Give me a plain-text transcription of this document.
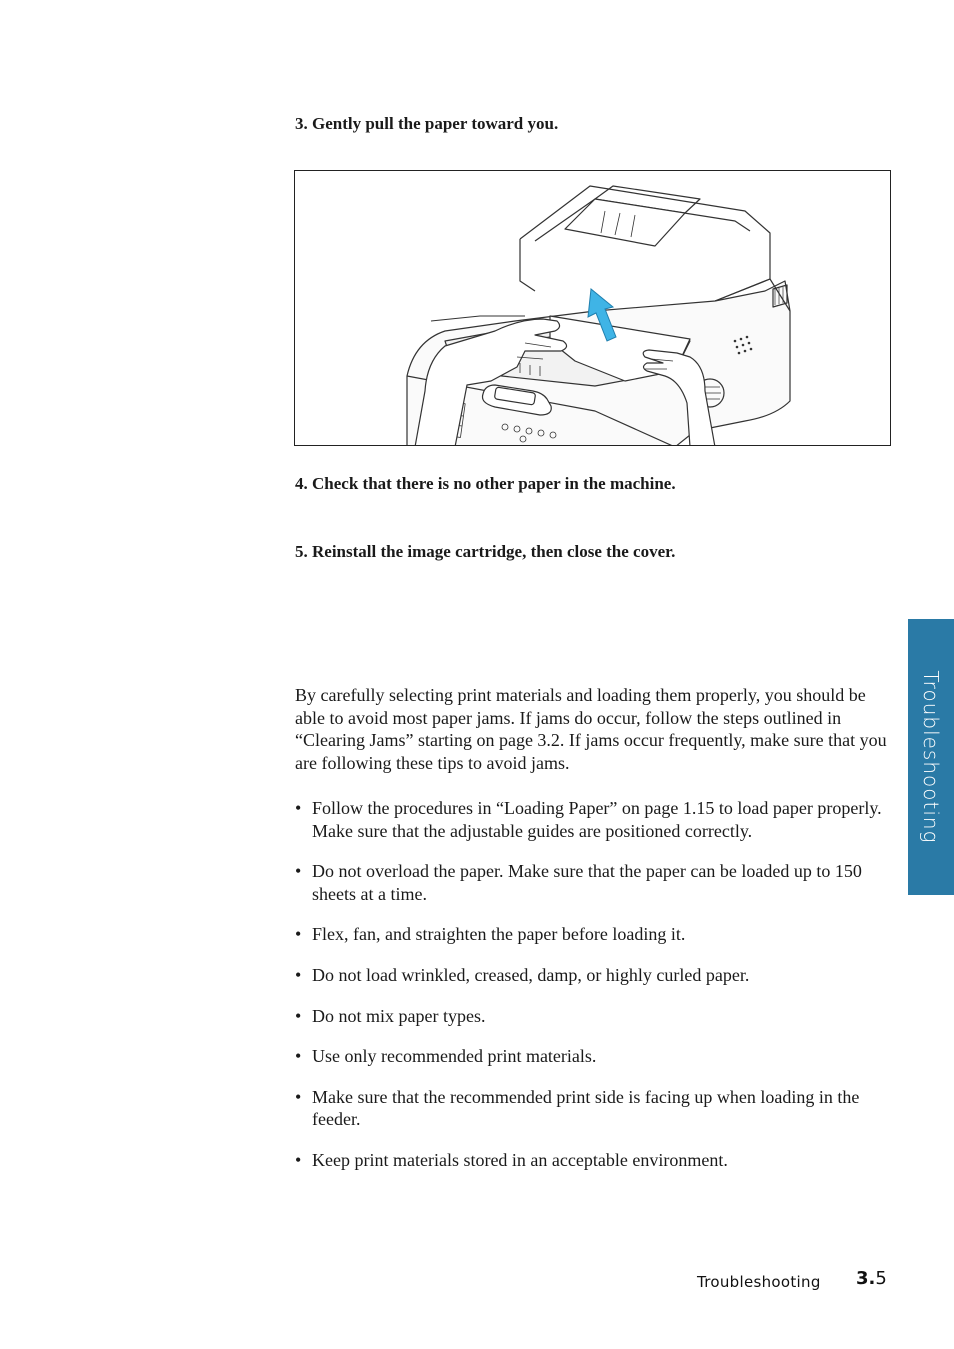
3. Gently pull the paper toward you.

4. Check that there is no other paper in the machine.

5. Reinstall the image cartridge, then close the cover.

By carefully selecting print materials and loading them properly, you should be able to avoid most paper jams. If jams do occur, follow the steps outlined in “Clearing Jams” starting on page 3.2. If jams occur frequently, make sure that you are following these tips to avoid jams.

• Follow the procedures in “Loading Paper” on page 1.15 to load paper properly. Make sure that the adjustable guides are positioned correctly.
• Do not overload the paper. Make sure that the paper can be loaded up to 150 sheets at a time.
• Flex, fan, and straighten the paper before loading it.
• Do not load wrinkled, creased, damp, or highly curled paper.
• Do not mix paper types.
• Use only recommended print materials.
• Make sure that the recommended print side is facing up when loading in the feeder.
• Keep print materials stored in an acceptable environment.
Troubleshooting
Troubleshooting 3.5
